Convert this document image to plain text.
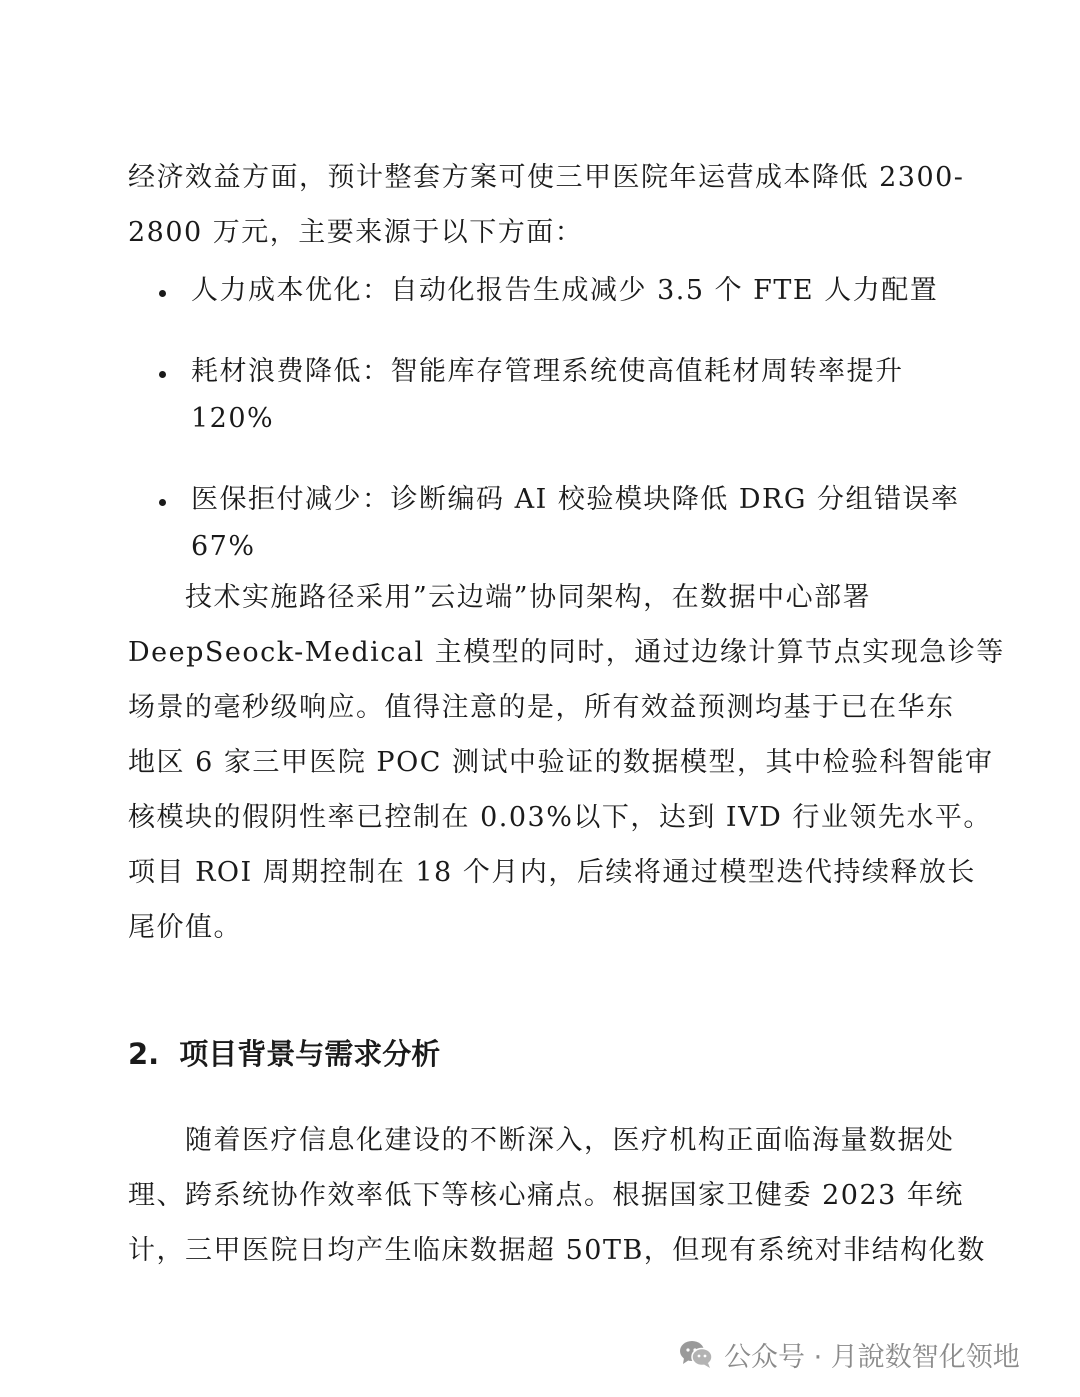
经济效益方面，预计整套方案可使三甲医院年运营成本降低 2300-
2800 万元，主要来源于以下方面：
人力成本优化：自动化报告生成减少 3.5 个 FTE 人力配置
耗材浪费降低：智能库存管理系统使高值耗材周转率提升
120%
医保拒付减少：诊断编码 AI 校验模块降低 DRG 分组错误率
67%
技术实施路径采用”云边端”协同架构，在数据中心部署
DeepSeock-Medical 主模型的同时，通过边缘计算节点实现急诊等
场景的毫秒级响应。值得注意的是，所有效益预测均基于已在华东
地区 6 家三甲医院 POC 测试中验证的数据模型，其中检验科智能审
核模块的假阴性率已控制在 0.03%以下，达到 IVD 行业领先水平。
项目 ROI 周期控制在 18 个月内，后续将通过模型迭代持续释放长
尾价值。
2. 项目背景与需求分析
随着医疗信息化建设的不断深入，医疗机构正面临海量数据处
理、跨系统协作效率低下等核心痛点。根据国家卫健委 2023 年统
计，三甲医院日均产生临床数据超 50TB，但现有系统对非结构化数
公众号 · 月說数智化领地
